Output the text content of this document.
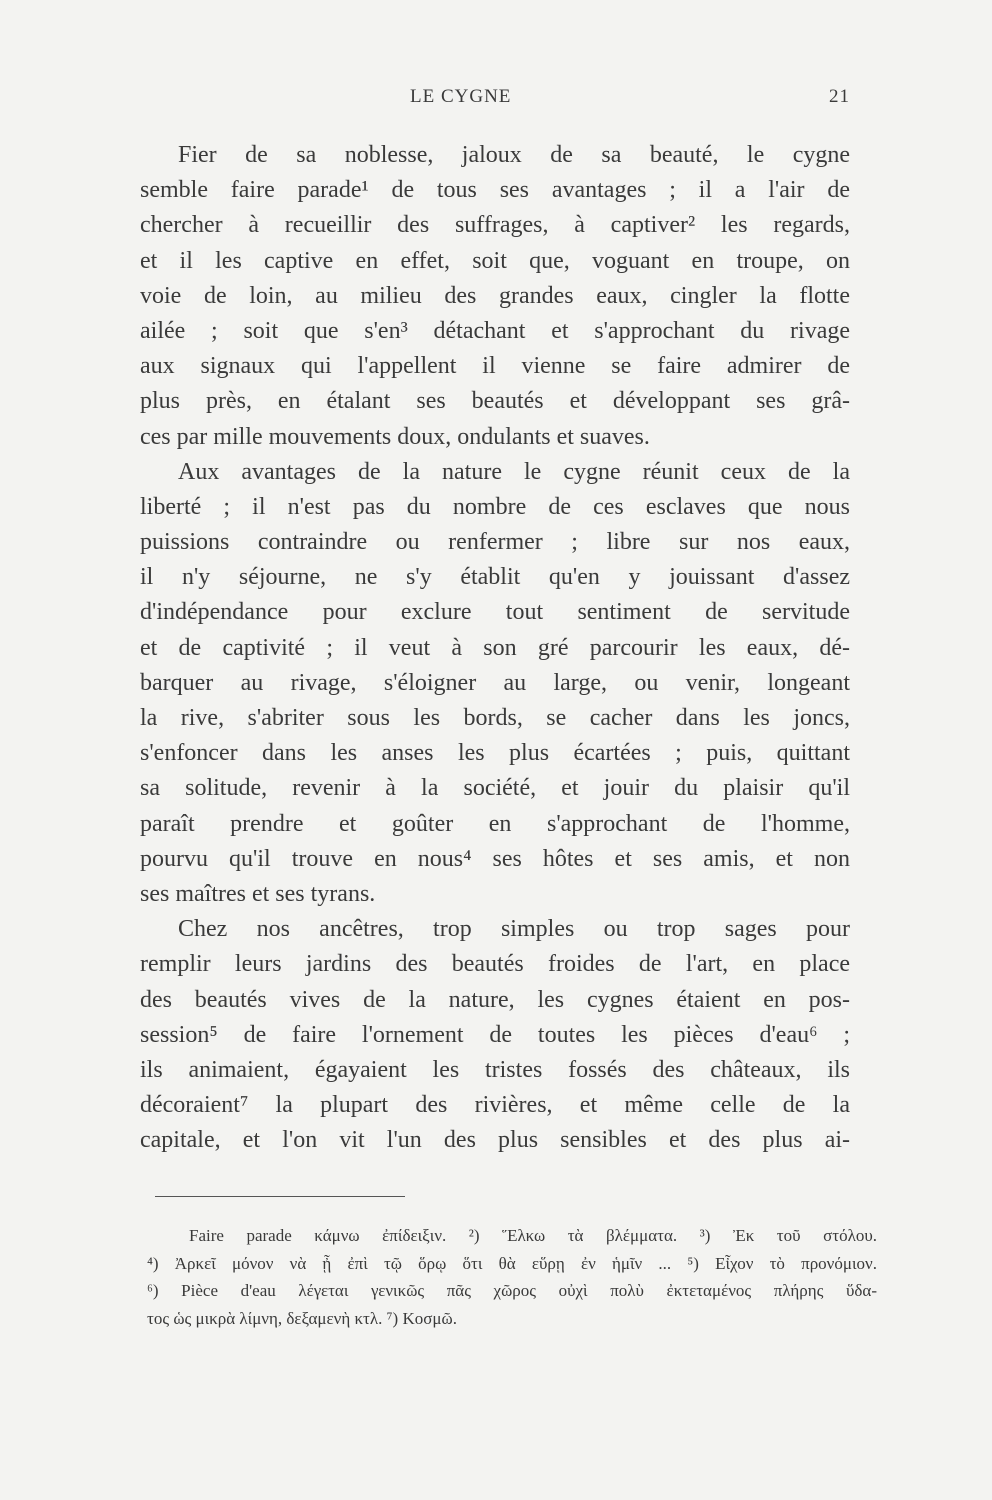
LE CYGNE	21
Fier de sa noblesse, jaloux de sa beauté, le cygne
semble faire parade¹ de tous ses avantages ; il a l'air de
chercher à recueillir des suffrages, à captiver² les regards,
et il les captive en effet, soit que, voguant en troupe, on
voie de loin, au milieu des grandes eaux, cingler la flotte
ailée ; soit que s'en³ détachant et s'approchant du rivage
aux signaux qui l'appellent il vienne se faire admirer de
plus près, en étalant ses beautés et développant ses grâ-
ces par mille mouvements doux, ondulants et suaves.
Aux avantages de la nature le cygne réunit ceux de la
liberté ; il n'est pas du nombre de ces esclaves que nous
puissions contraindre ou renfermer ; libre sur nos eaux,
il n'y séjourne, ne s'y établit qu'en y jouissant d'assez
d'indépendance pour exclure tout sentiment de servitude
et de captivité ; il veut à son gré parcourir les eaux, dé-
barquer au rivage, s'éloigner au large, ou venir, longeant
la rive, s'abriter sous les bords, se cacher dans les joncs,
s'enfoncer dans les anses les plus écartées ; puis, quittant
sa solitude, revenir à la société, et jouir du plaisir qu'il
paraît prendre et goûter en s'approchant de l'homme,
pourvu qu'il trouve en nous⁴ ses hôtes et ses amis, et non
ses maîtres et ses tyrans.
Chez nos ancêtres, trop simples ou trop sages pour
remplir leurs jardins des beautés froides de l'art, en place
des beautés vives de la nature, les cygnes étaient en pos-
session⁵ de faire l'ornement de toutes les pièces d'eau⁶ ;
ils animaient, égayaient les tristes fossés des châteaux, ils
décoraient⁷ la plupart des rivières, et même celle de la
capitale, et l'on vit l'un des plus sensibles et des plus ai-
Faire parade κάμνω ἐπίδειξιν. ²) Ἕλκω τὰ βλέμματα. ³) Ἐκ τοῦ στόλου.
⁴) Ἀρκεῖ μόνον νὰ ᾖ ἐπὶ τῷ ὅρῳ ὅτι θὰ εὕρῃ ἐν ἡμῖν ... ⁵) Εἶχον τὸ προνόμιον.
⁶) Pièce d'eau λέγεται γενικῶς πᾶς χῶρος οὐχὶ πολὺ ἐκτεταμένος πλήρης ὕδα-
τος ὡς μικρὰ λίμνη, δεξαμενὴ κτλ. ⁷) Κοσμῶ.
